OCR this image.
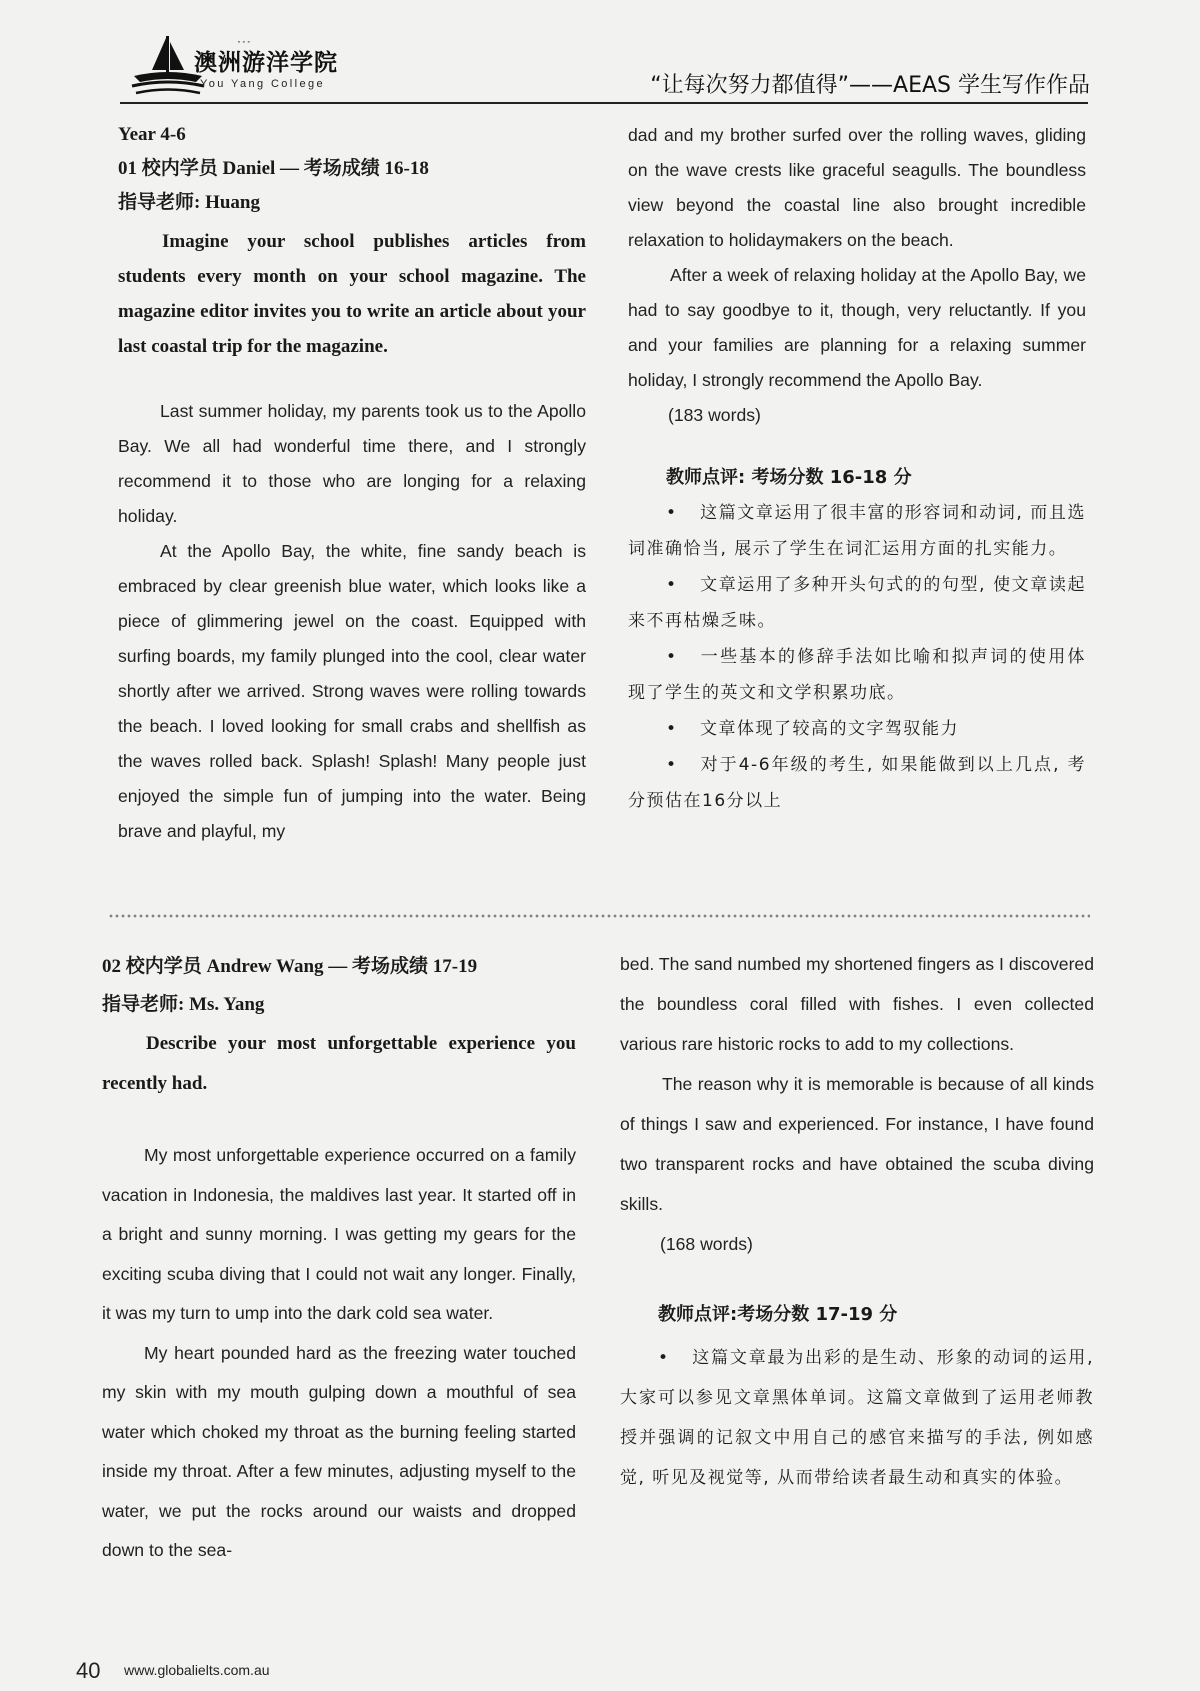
᠊ ᠊ ᠊
澳洲游洋学院
You Yang College	“让每次努力都值得”——AEAS 学生写作作品

Year 4-6

01 校内学员 Daniel — 考场成绩 16-18

指导老师: Huang

Imagine your school publishes articles from students every month on your school magazine. The magazine editor invites you to write an article about your last coastal trip for the magazine.

Last summer holiday, my parents took us to the Apollo Bay. We all had wonderful time there, and I strongly recommend it to those who are longing for a relaxing holiday.

At the Apollo Bay, the white, fine sandy beach is embraced by clear greenish blue water, which looks like a piece of glimmering jewel on the coast. Equipped with surfing boards, my family plunged into the cool, clear water shortly after we arrived. Strong waves were rolling towards the beach. I loved looking for small crabs and shellfish as the waves rolled back. Splash! Splash! Many people just enjoyed the simple fun of jumping into the water. Being brave and playful, my

dad and my brother surfed over the rolling waves, gliding on the wave crests like graceful seagulls. The boundless view beyond the coastal line also brought incredible relaxation to holidaymakers on the beach.

After a week of relaxing holiday at the Apollo Bay, we had to say goodbye to it, though, very reluctantly. If you and your families are planning for a relaxing summer holiday, I strongly recommend the Apollo Bay.

(183 words)

教师点评: 考场分数 16-18 分

• 这篇文章运用了很丰富的形容词和动词, 而且选词准确恰当, 展示了学生在词汇运用方面的扎实能力。

• 文章运用了多种开头句式的的句型, 使文章读起来不再枯燥乏味。

• 一些基本的修辞手法如比喻和拟声词的使用体现了学生的英文和文学积累功底。

• 文章体现了较高的文字驾驭能力

• 对于4-6年级的考生, 如果能做到以上几点, 考分预估在16分以上

02 校内学员 Andrew Wang — 考场成绩 17-19

指导老师: Ms. Yang

Describe your most unforgettable experience you recently had.

My most unforgettable experience occurred on a family vacation in Indonesia, the maldives last year. It started off in a bright and sunny morning. I was getting my gears for the exciting scuba diving that I could not wait any longer. Finally, it was my turn to ump into the dark cold sea water.

My heart pounded hard as the freezing water touched my skin with my mouth gulping down a mouthful of sea water which choked my throat as the burning feeling started inside my throat. After a few minutes, adjusting myself to the water, we put the rocks around our waists and dropped down to the sea-

bed. The sand numbed my shortened fingers as I discovered the boundless coral filled with fishes. I even collected various rare historic rocks to add to my collections.

The reason why it is memorable is because of all kinds of things I saw and experienced. For instance, I have found two transparent rocks and have obtained the scuba diving skills.

(168 words)

教师点评:考场分数 17-19 分

• 这篇文章最为出彩的是生动、形象的动词的运用, 大家可以参见文章黑体单词。这篇文章做到了运用老师教授并强调的记叙文中用自己的感官来描写的手法, 例如感觉, 听见及视觉等, 从而带给读者最生动和真实的体验。

40 www.globalielts.com.au
